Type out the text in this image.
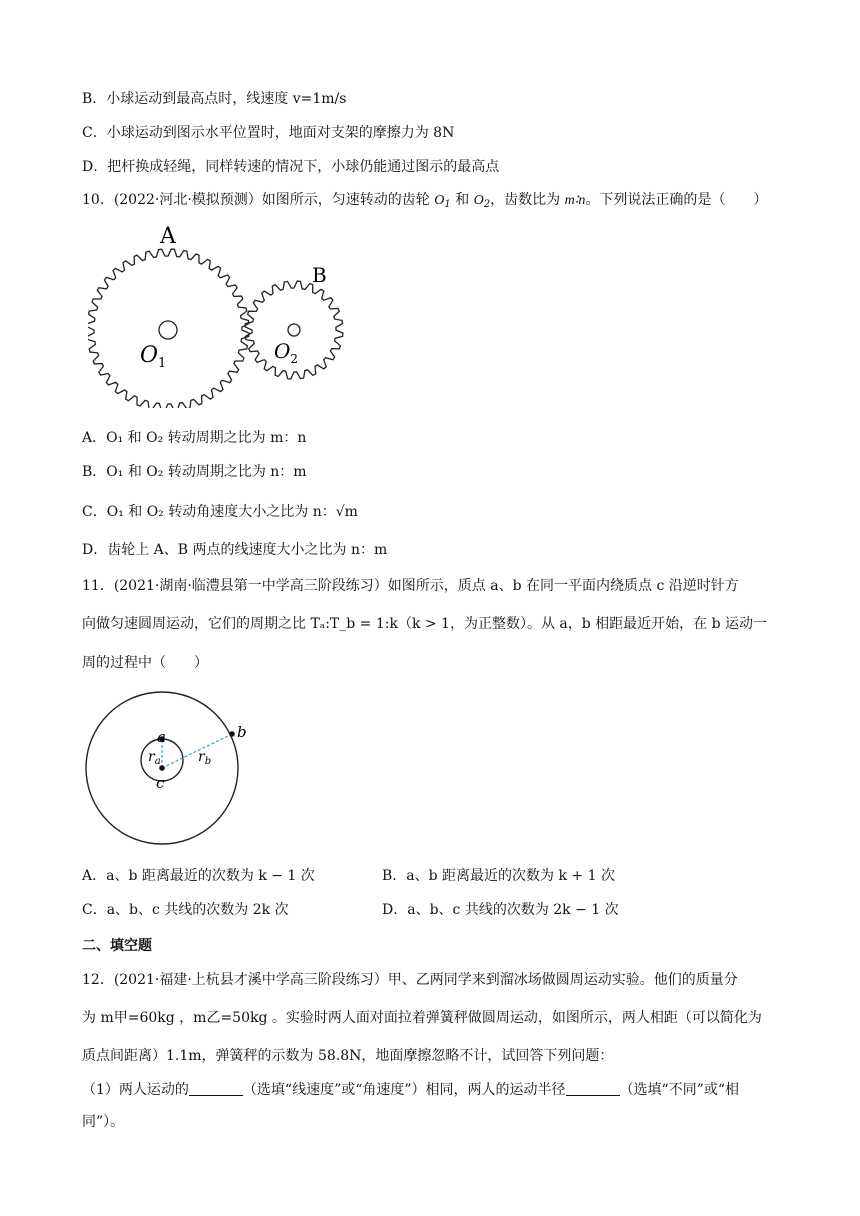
B．小球运动到最高点时，线速度 v=1m/s
C．小球运动到图示水平位置时，地面对支架的摩擦力为 8N
D．把杆换成轻绳，同样转速的情况下，小球仍能通过图示的最高点
10．(2022·河北·模拟预测）如图所示，匀速转动的齿轮 $O_1$ 和 $O_2$，齿数比为 m∶n。下列说法正确的是（　　）
A
B
$O_1$
$O_2$
A．O₁ 和 O₂ 转动周期之比为 m：n
B．O₁ 和 O₂ 转动周期之比为 n：m
C．O₁ 和 O₂ 转动角速度大小之比为 n：√m
D．齿轮上 A、B 两点的线速度大小之比为 n：m
11．(2021·湖南·临澧县第一中学高三阶段练习）如图所示，质点 a、b 在同一平面内绕质点 c 沿逆时针方
向做匀速圆周运动，它们的周期之比 Tₐ:T_b = 1:k（k > 1，为正整数）。从 a，b 相距最近开始，在 b 运动一
周的过程中（　　）
a	b
c
$r_a$	$r_b$
A．a、b 距离最近的次数为 k − 1 次	B．a、b 距离最近的次数为 k + 1 次
C．a、b、c 共线的次数为 2k 次	D．a、b、c 共线的次数为 2k − 1 次
二、填空题
12．(2021·福建·上杭县才溪中学高三阶段练习）甲、乙两同学来到溜冰场做圆周运动实验。他们的质量分
为 m甲=60kg ，m乙=50kg 。实验时两人面对面拉着弹簧秤做圆周运动，如图所示，两人相距（可以简化为
质点间距离）1.1m，弹簧秤的示数为 58.8N，地面摩擦忽略不计，试回答下列问题：
（1）两人运动的	（选填“线速度”或“角速度”）相同，两人的运动半径	（选填“不同”或“相
同”）。
